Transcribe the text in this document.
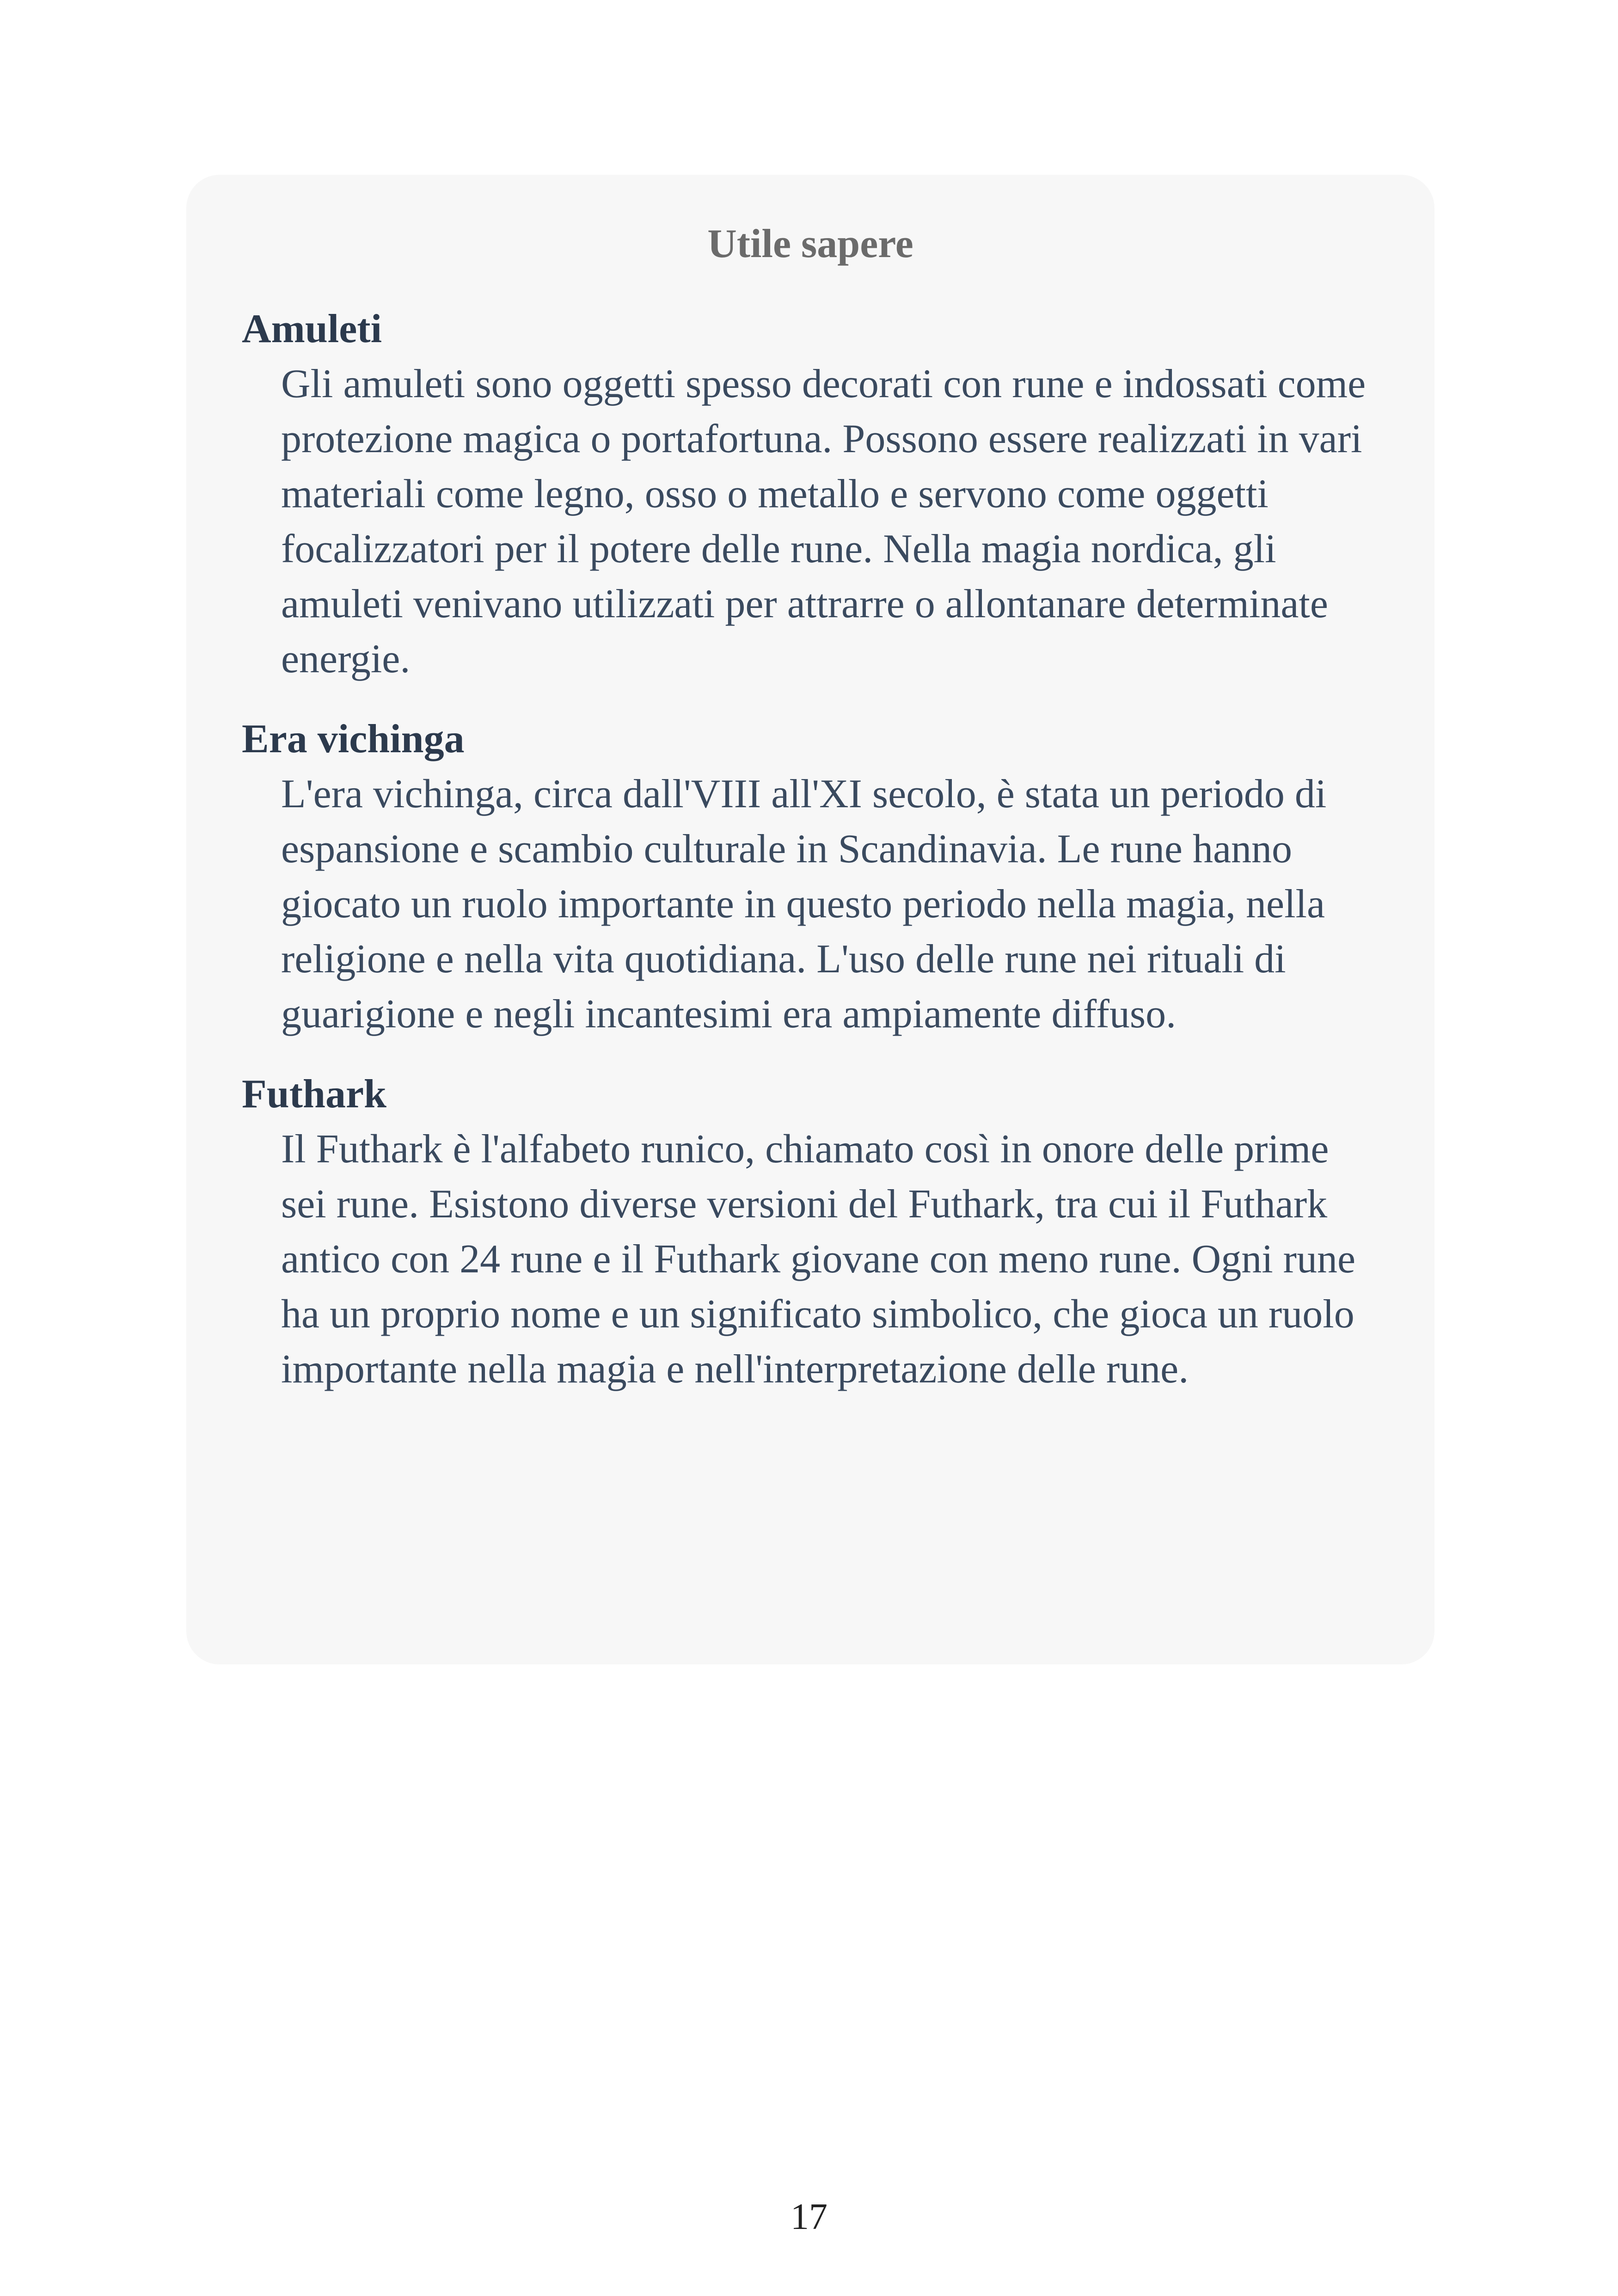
Utile sapere
Amuleti
Gli amuleti sono oggetti spesso decorati con rune e indossati come protezione magica o portafortuna. Possono essere realizzati in vari materiali come legno, osso o metallo e servono come oggetti focalizzatori per il potere delle rune. Nella magia nordica, gli amuleti venivano utilizzati per attrarre o allontanare determinate energie.
Era vichinga
L'era vichinga, circa dall'VIII all'XI secolo, è stata un periodo di espansione e scambio culturale in Scandinavia. Le rune hanno giocato un ruolo importante in questo periodo nella magia, nella religione e nella vita quotidiana. L'uso delle rune nei rituali di guarigione e negli incantesimi era ampiamente diffuso.
Futhark
Il Futhark è l'alfabeto runico, chiamato così in onore delle prime sei rune. Esistono diverse versioni del Futhark, tra cui il Futhark antico con 24 rune e il Futhark giovane con meno rune. Ogni rune ha un proprio nome e un significato simbolico, che gioca un ruolo importante nella magia e nell'interpretazione delle rune.
17
